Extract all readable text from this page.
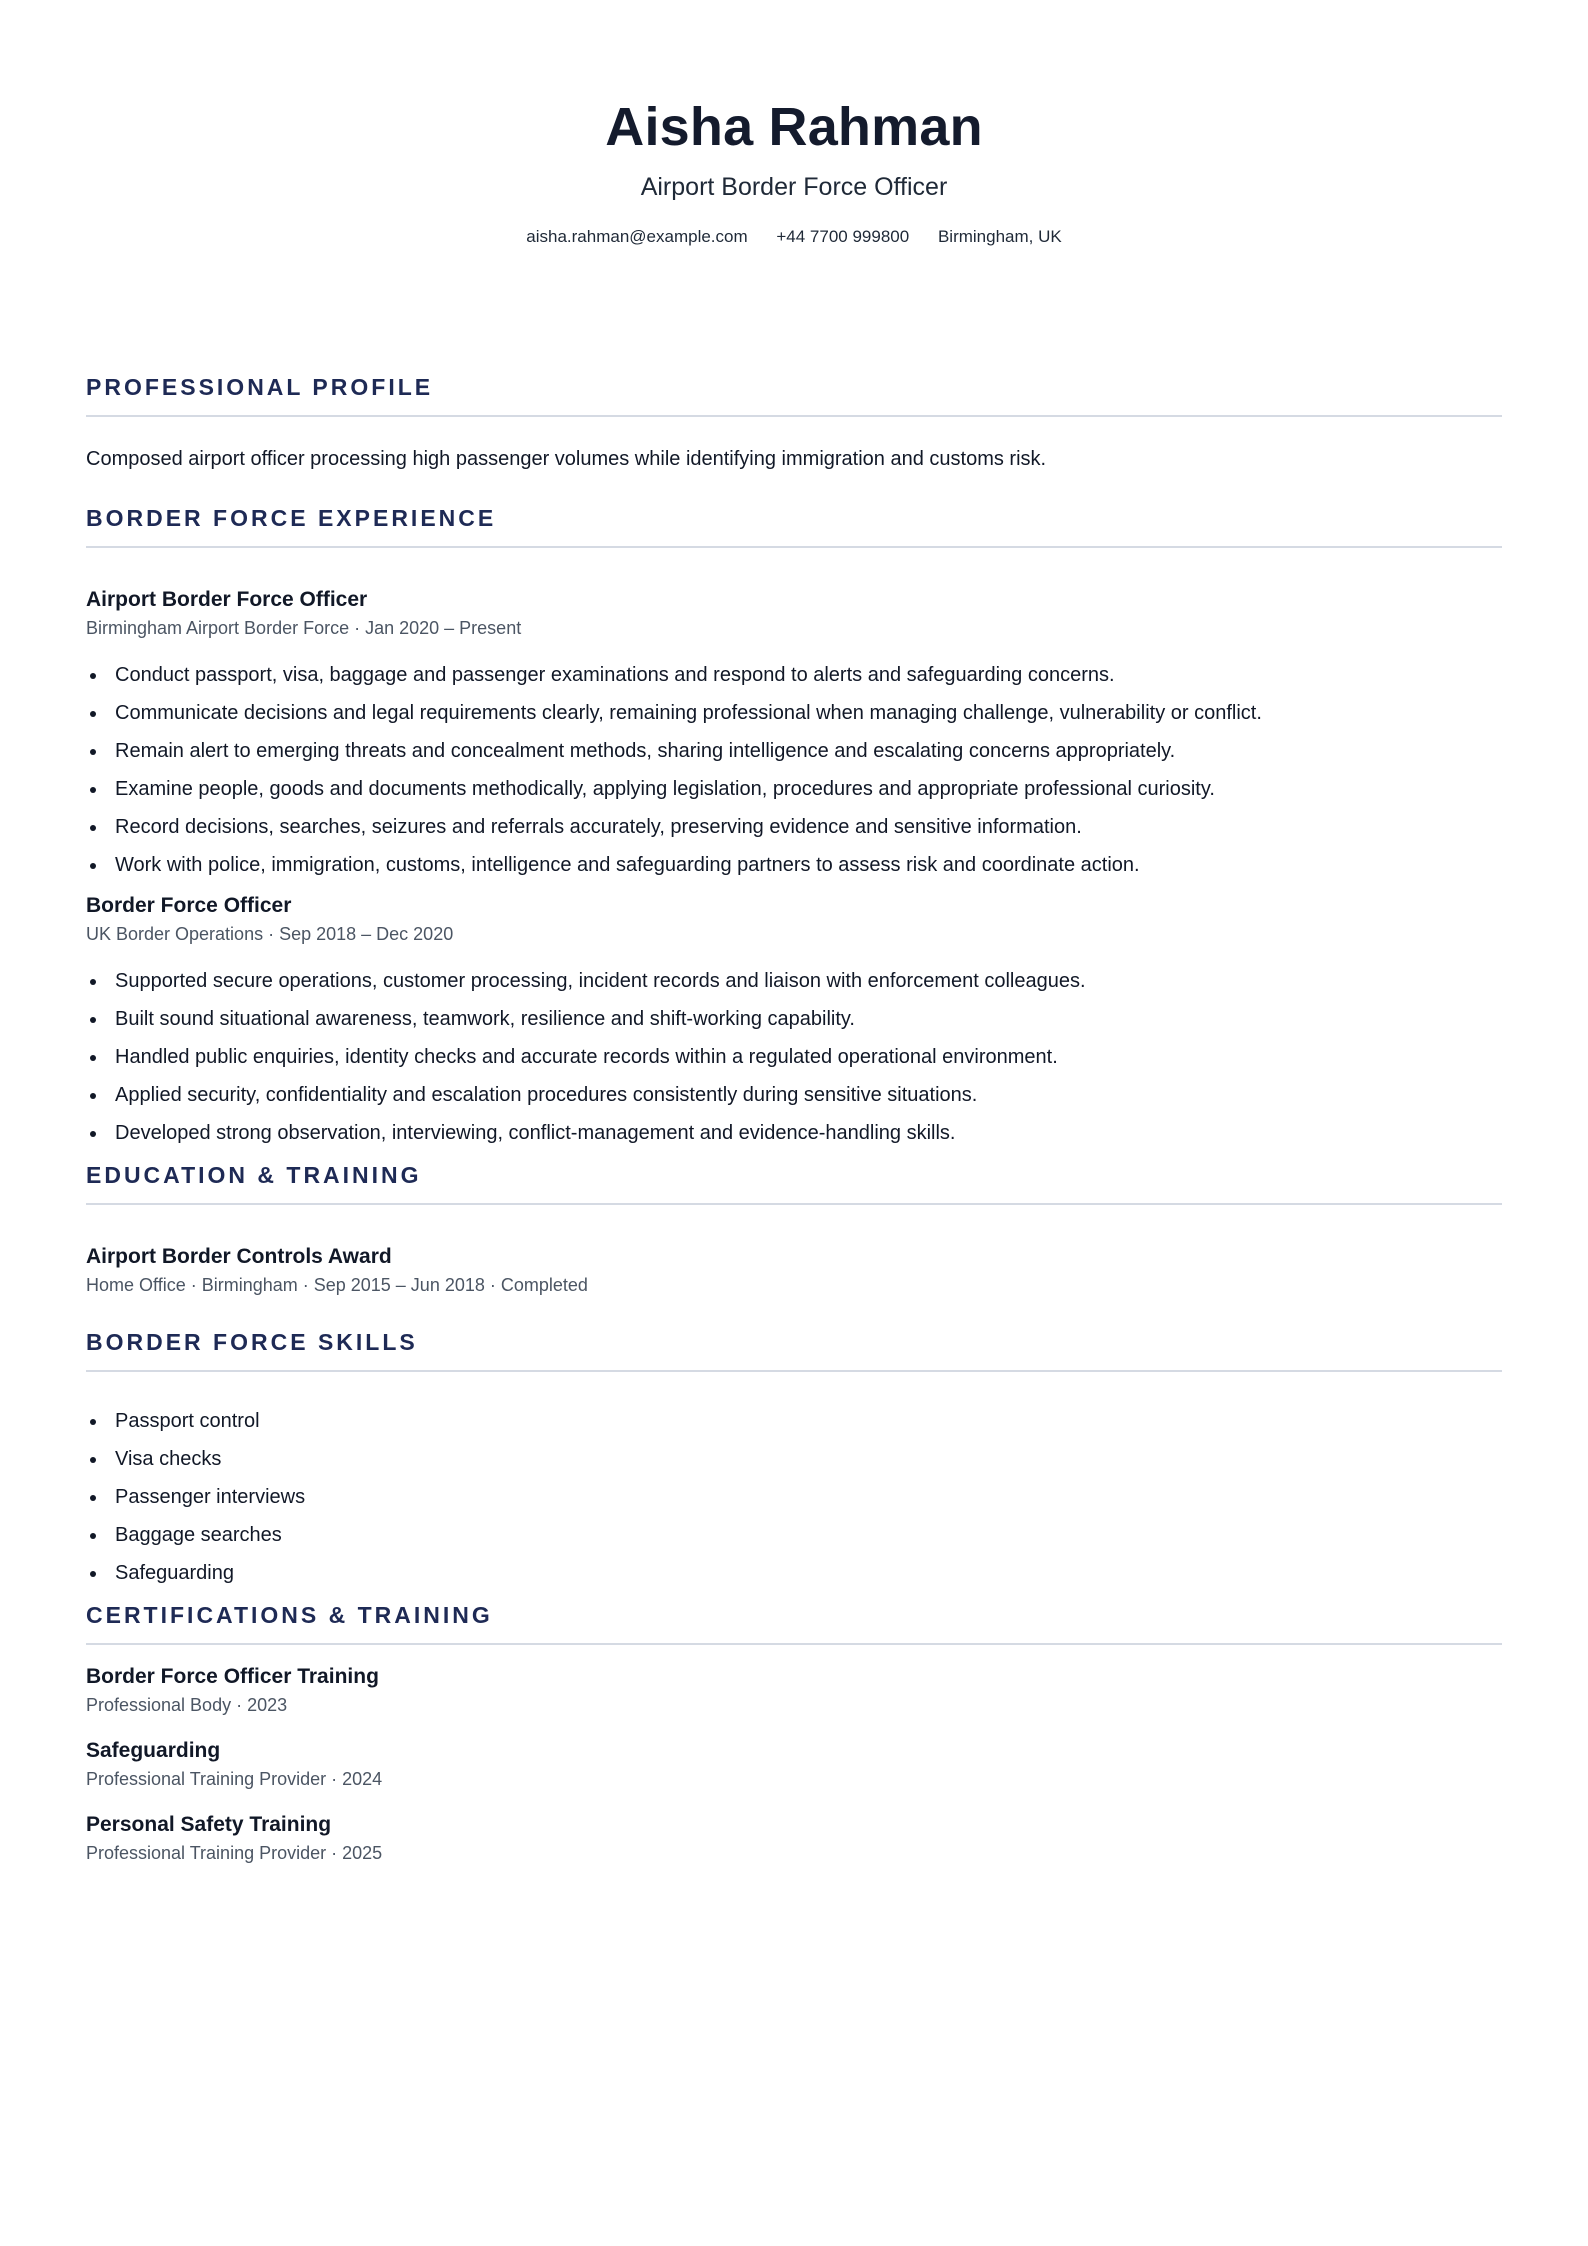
Aisha Rahman
Airport Border Force Officer
aisha.rahman@example.com +44 7700 999800 Birmingham, UK
PROFESSIONAL PROFILE

Composed airport officer processing high passenger volumes while identifying immigration and customs risk.

BORDER FORCE EXPERIENCE
Airport Border Force Officer
Birmingham Airport Border Force · Jan 2020 – Present
Conduct passport, visa, baggage and passenger examinations and respond to alerts and safeguarding concerns.
Communicate decisions and legal requirements clearly, remaining professional when managing challenge, vulnerability or conflict.
Remain alert to emerging threats and concealment methods, sharing intelligence and escalating concerns appropriately.
Examine people, goods and documents methodically, applying legislation, procedures and appropriate professional curiosity.
Record decisions, searches, seizures and referrals accurately, preserving evidence and sensitive information.
Work with police, immigration, customs, intelligence and safeguarding partners to assess risk and coordinate action.
Border Force Officer
UK Border Operations · Sep 2018 – Dec 2020
Supported secure operations, customer processing, incident records and liaison with enforcement colleagues.
Built sound situational awareness, teamwork, resilience and shift-working capability.
Handled public enquiries, identity checks and accurate records within a regulated operational environment.
Applied security, confidentiality and escalation procedures consistently during sensitive situations.
Developed strong observation, interviewing, conflict-management and evidence-handling skills.
EDUCATION & TRAINING
Airport Border Controls Award
Home Office · Birmingham · Sep 2015 – Jun 2018 · Completed
BORDER FORCE SKILLS
Passport control
Visa checks
Passenger interviews
Baggage searches
Safeguarding
CERTIFICATIONS & TRAINING
Border Force Officer Training
Professional Body · 2023
Safeguarding
Professional Training Provider · 2024
Personal Safety Training
Professional Training Provider · 2025
